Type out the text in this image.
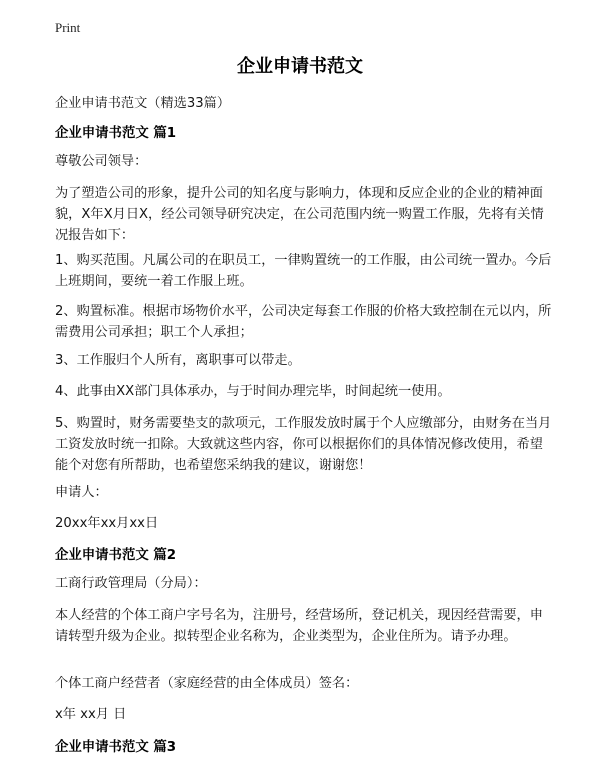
Print
企业申请书范文

企业申请书范文（精选33篇）

企业申请书范文 篇1

尊敬公司领导：

为了塑造公司的形象，提升公司的知名度与影响力，体现和反应企业的企业的精神面貌，X年X月日X，经公司领导研究决定，在公司范围内统一购置工作服，先将有关情况报告如下：

1、购买范围。凡属公司的在职员工，一律购置统一的工作服，由公司统一置办。今后上班期间，要统一着工作服上班。

2、购置标准。根据市场物价水平，公司决定每套工作服的价格大致控制在元以内，所需费用公司承担；职工个人承担；

3、工作服归个人所有，离职事可以带走。

4、此事由XX部门具体承办，与于时间办理完毕，时间起统一使用。

5、购置时，财务需要垫支的款项元，工作服发放时属于个人应缴部分，由财务在当月工资发放时统一扣除。大致就这些内容，你可以根据你们的具体情况修改使用，希望能个对您有所帮助，也希望您采纳我的建议，谢谢您！

申请人：

20xx年xx月xx日

企业申请书范文 篇2

工商行政管理局（分局）：

本人经营的个体工商户字号名为，注册号，经营场所，登记机关，现因经营需要，申请转型升级为企业。拟转型企业名称为，企业类型为，企业住所为。请予办理。

个体工商户经营者（家庭经营的由全体成员）签名：

x年 xx月 日

企业申请书范文 篇3
